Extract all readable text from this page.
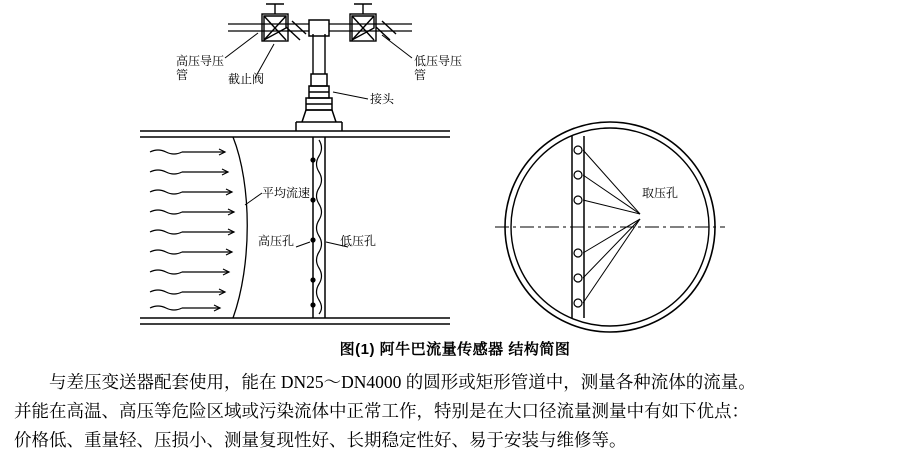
高压导压管	截止阀
低压导压管
接头
平均流速
高压孔	低压孔
取压孔
图(1) 阿牛巴流量传感器 结构简图

与差压变送器配套使用，能在 DN25～DN4000 的圆形或矩形管道中，测量各种流体的流量。

并能在高温、高压等危险区域或污染流体中正常工作，特别是在大口径流量测量中有如下优点：

价格低、重量轻、压损小、测量复现性好、长期稳定性好、易于安装与维修等。
